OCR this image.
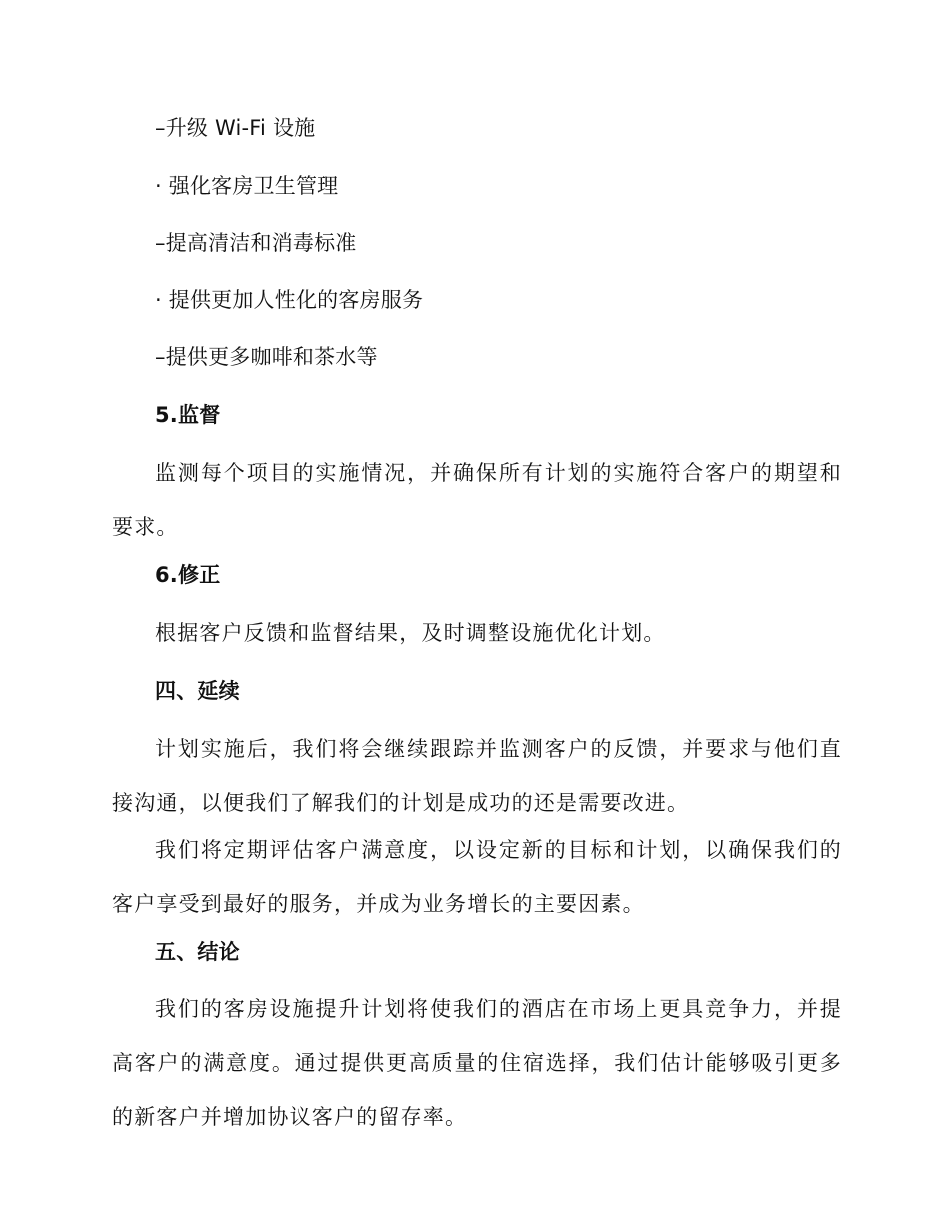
–升级 Wi-Fi 设施
· 强化客房卫生管理
–提高清洁和消毒标准
· 提供更加人性化的客房服务
–提供更多咖啡和茶水等
5.监督
监测每个项目的实施情况，并确保所有计划的实施符合客户的期望和要求。
6.修正
根据客户反馈和监督结果，及时调整设施优化计划。
四、延续
计划实施后，我们将会继续跟踪并监测客户的反馈，并要求与他们直接沟通，以便我们了解我们的计划是成功的还是需要改进。
我们将定期评估客户满意度，以设定新的目标和计划，以确保我们的客户享受到最好的服务，并成为业务增长的主要因素。
五、结论
我们的客房设施提升计划将使我们的酒店在市场上更具竞争力，并提高客户的满意度。通过提供更高质量的住宿选择，我们估计能够吸引更多的新客户并增加协议客户的留存率。
